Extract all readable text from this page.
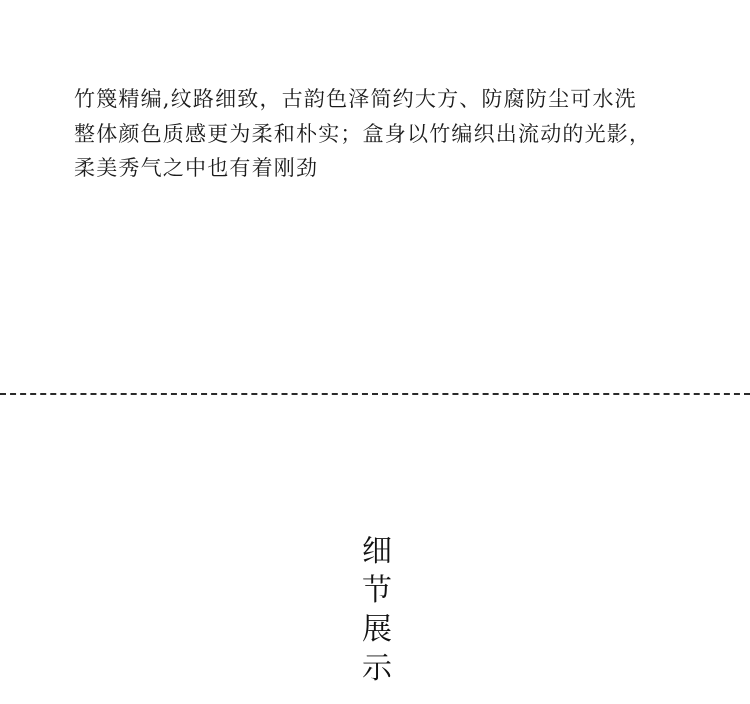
竹篾精编,纹路细致，古韵色泽简约大方、防腐防尘可水洗
整体颜色质感更为柔和朴实；盒身以竹编织出流动的光影，
柔美秀气之中也有着刚劲
细
节
展
示
